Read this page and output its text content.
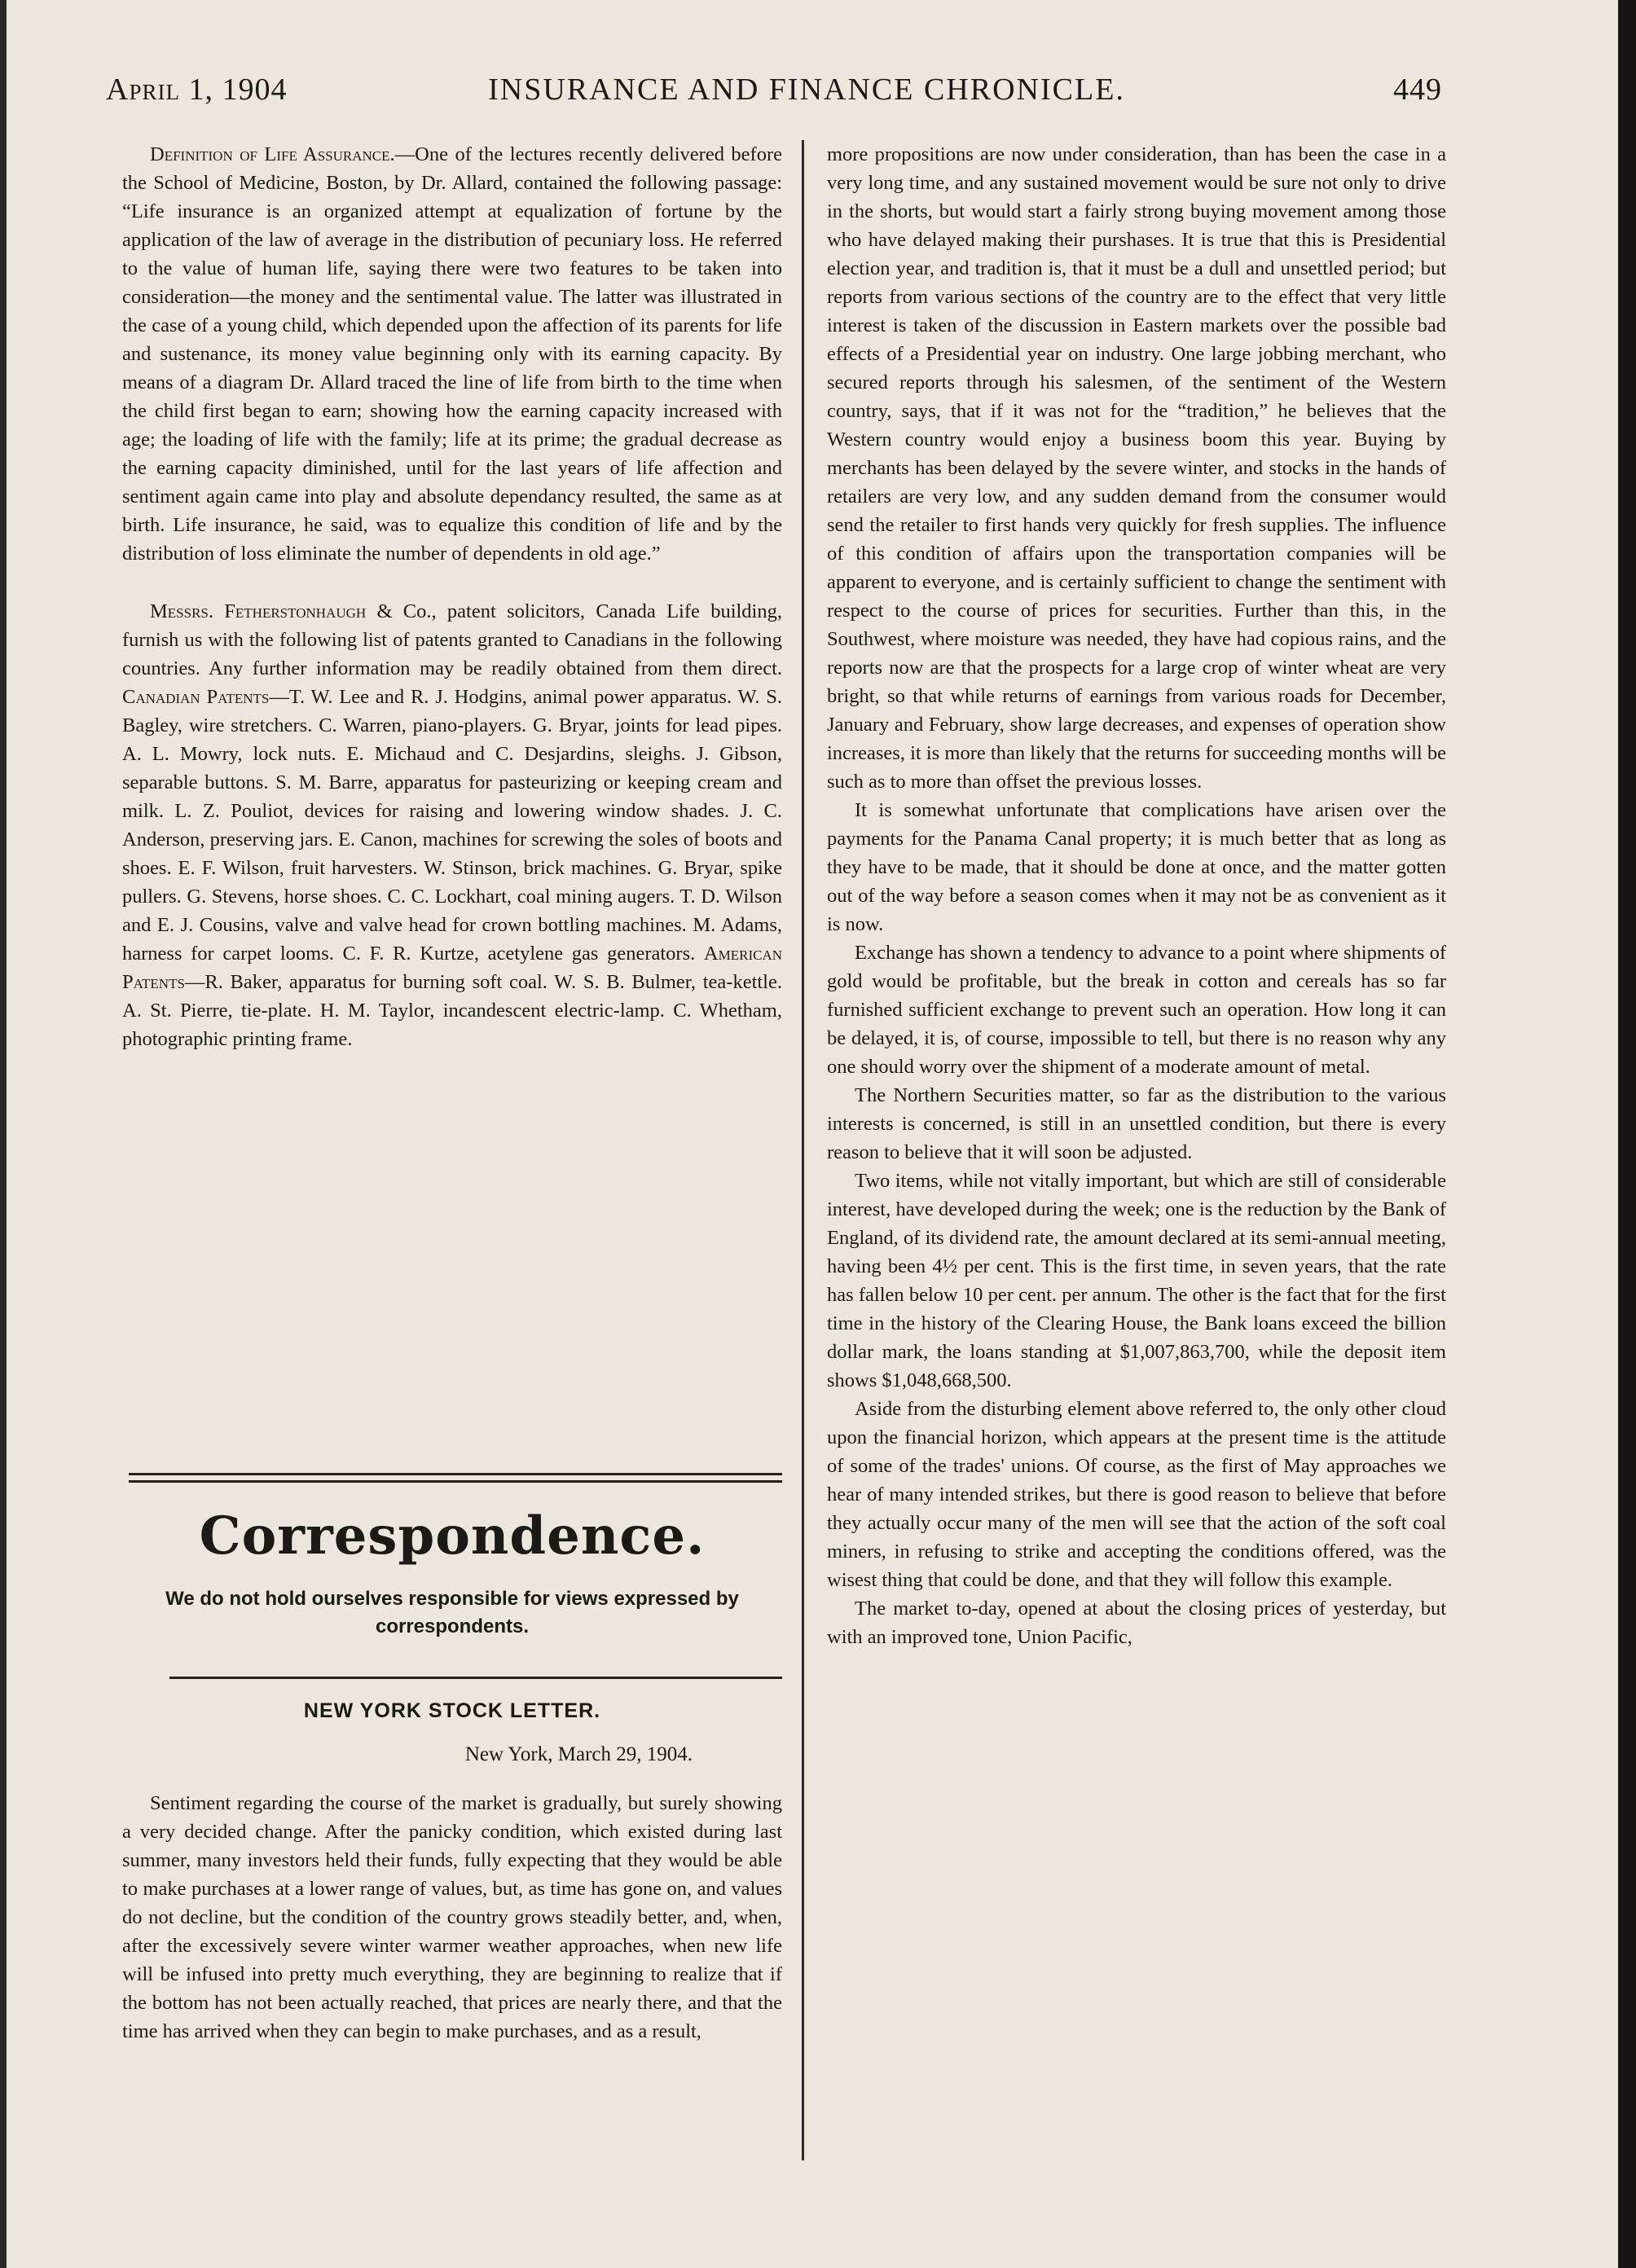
April 1, 1904	INSURANCE AND FINANCE CHRONICLE.	449

Definition of Life Assurance.—One of the lectures recently delivered before the School of Medicine, Boston, by Dr. Allard, contained the following passage: “Life insurance is an organized attempt at equalization of fortune by the application of the law of average in the distribution of pecuniary loss. He referred to the value of human life, saying there were two features to be taken into consideration—the money and the sentimental value. The latter was illustrated in the case of a young child, which depended upon the affection of its parents for life and sustenance, its money value beginning only with its earning capacity. By means of a diagram Dr. Allard traced the line of life from birth to the time when the child first began to earn; showing how the earning capacity increased with age; the loading of life with the family; life at its prime; the gradual decrease as the earning capacity diminished, until for the last years of life affection and sentiment again came into play and absolute dependancy resulted, the same as at birth. Life insurance, he said, was to equalize this condition of life and by the distribution of loss eliminate the number of dependents in old age.”

Messrs. Fetherstonhaugh & Co., patent solicitors, Canada Life building, furnish us with the following list of patents granted to Canadians in the following countries. Any further information may be readily obtained from them direct. Canadian Patents—T. W. Lee and R. J. Hodgins, animal power apparatus. W. S. Bagley, wire stretchers. C. Warren, piano-players. G. Bryar, joints for lead pipes. A. L. Mowry, lock nuts. E. Michaud and C. Desjardins, sleighs. J. Gibson, separable buttons. S. M. Barre, apparatus for pasteurizing or keeping cream and milk. L. Z. Pouliot, devices for raising and lowering window shades. J. C. Anderson, preserving jars. E. Canon, machines for screwing the soles of boots and shoes. E. F. Wilson, fruit harvesters. W. Stinson, brick machines. G. Bryar, spike pullers. G. Stevens, horse shoes. C. C. Lockhart, coal mining augers. T. D. Wilson and E. J. Cousins, valve and valve head for crown bottling machines. M. Adams, harness for carpet looms. C. F. R. Kurtze, acetylene gas generators. American Patents—R. Baker, apparatus for burning soft coal. W. S. B. Bulmer, tea-kettle. A. St. Pierre, tie-plate. H. M. Taylor, incandescent electric-lamp. C. Whetham, photographic printing frame.

Correspondence.
We do not hold ourselves responsible for views expressed by correspondents.
NEW YORK STOCK LETTER.
New York, March 29, 1904.

Sentiment regarding the course of the market is gradually, but surely showing a very decided change. After the panicky condition, which existed during last summer, many investors held their funds, fully expecting that they would be able to make purchases at a lower range of values, but, as time has gone on, and values do not decline, but the condition of the country grows steadily better, and, when, after the excessively severe winter warmer weather approaches, when new life will be infused into pretty much everything, they are beginning to realize that if the bottom has not been actually reached, that prices are nearly there, and that the time has arrived when they can begin to make purchases, and as a result,

more propositions are now under consideration, than has been the case in a very long time, and any sustained movement would be sure not only to drive in the shorts, but would start a fairly strong buying movement among those who have delayed making their purshases. It is true that this is Presidential election year, and tradition is, that it must be a dull and unsettled period; but reports from various sections of the country are to the effect that very little interest is taken of the discussion in Eastern markets over the possible bad effects of a Presidential year on industry. One large jobbing merchant, who secured reports through his salesmen, of the sentiment of the Western country, says, that if it was not for the “tradition,” he believes that the Western country would enjoy a business boom this year. Buying by merchants has been delayed by the severe winter, and stocks in the hands of retailers are very low, and any sudden demand from the consumer would send the retailer to first hands very quickly for fresh supplies. The influence of this condition of affairs upon the transportation companies will be apparent to everyone, and is certainly sufficient to change the sentiment with respect to the course of prices for securities. Further than this, in the Southwest, where moisture was needed, they have had copious rains, and the reports now are that the prospects for a large crop of winter wheat are very bright, so that while returns of earnings from various roads for December, January and February, show large decreases, and expenses of operation show increases, it is more than likely that the returns for succeeding months will be such as to more than offset the previous losses.

It is somewhat unfortunate that complications have arisen over the payments for the Panama Canal property; it is much better that as long as they have to be made, that it should be done at once, and the matter gotten out of the way before a season comes when it may not be as convenient as it is now.

Exchange has shown a tendency to advance to a point where shipments of gold would be profitable, but the break in cotton and cereals has so far furnished sufficient exchange to prevent such an operation. How long it can be delayed, it is, of course, impossible to tell, but there is no reason why any one should worry over the shipment of a moderate amount of metal.

The Northern Securities matter, so far as the distribution to the various interests is concerned, is still in an unsettled condition, but there is every reason to believe that it will soon be adjusted.

Two items, while not vitally important, but which are still of considerable interest, have developed during the week; one is the reduction by the Bank of England, of its dividend rate, the amount declared at its semi-annual meeting, having been 4½ per cent. This is the first time, in seven years, that the rate has fallen below 10 per cent. per annum. The other is the fact that for the first time in the history of the Clearing House, the Bank loans exceed the billion dollar mark, the loans standing at $1,007,863,700, while the deposit item shows $1,048,668,500.

Aside from the disturbing element above referred to, the only other cloud upon the financial horizon, which appears at the present time is the attitude of some of the trades' unions. Of course, as the first of May approaches we hear of many intended strikes, but there is good reason to believe that before they actually occur many of the men will see that the action of the soft coal miners, in refusing to strike and accepting the conditions offered, was the wisest thing that could be done, and that they will follow this example.

The market to-day, opened at about the closing prices of yesterday, but with an improved tone, Union Pacific,
